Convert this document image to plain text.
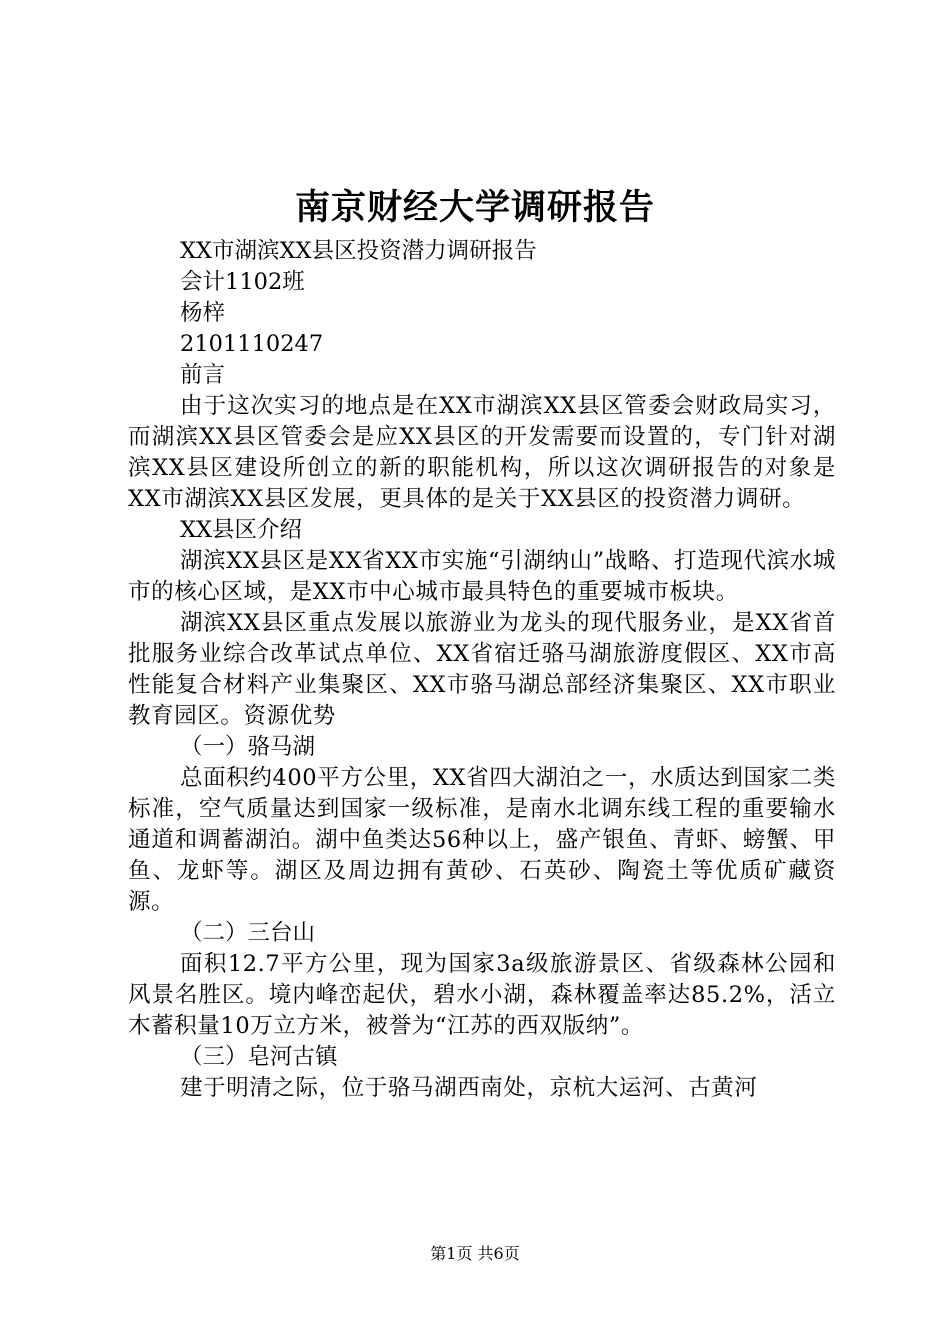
南京财经大学调研报告
XX市湖滨XX县区投资潜力调研报告
会计1102班
杨梓
2101110247
前言
由于这次实习的地点是在XX市湖滨XX县区管委会财政局实习，而湖滨XX县区管委会是应XX县区的开发需要而设置的，专门针对湖滨XX县区建设所创立的新的职能机构，所以这次调研报告的对象是XX市湖滨XX县区发展，更具体的是关于XX县区的投资潜力调研。
XX县区介绍
湖滨XX县区是XX省XX市实施“引湖纳山”战略、打造现代滨水城市的核心区域，是XX市中心城市最具特色的重要城市板块。
湖滨XX县区重点发展以旅游业为龙头的现代服务业，是XX省首批服务业综合改革试点单位、XX省宿迁骆马湖旅游度假区、XX市高性能复合材料产业集聚区、XX市骆马湖总部经济集聚区、XX市职业教育园区。资源优势
（一）骆马湖
总面积约400平方公里，XX省四大湖泊之一，水质达到国家二类标准，空气质量达到国家一级标准，是南水北调东线工程的重要输水通道和调蓄湖泊。湖中鱼类达56种以上，盛产银鱼、青虾、螃蟹、甲鱼、龙虾等。湖区及周边拥有黄砂、石英砂、陶瓷土等优质矿藏资源。
（二）三台山
面积12.7平方公里，现为国家3a级旅游景区、省级森林公园和风景名胜区。境内峰峦起伏，碧水小湖，森林覆盖率达85.2%，活立木蓄积量10万立方米，被誉为“江苏的西双版纳”。
（三）皂河古镇
建于明清之际，位于骆马湖西南处，京杭大运河、古黄河
第1页 共6页
